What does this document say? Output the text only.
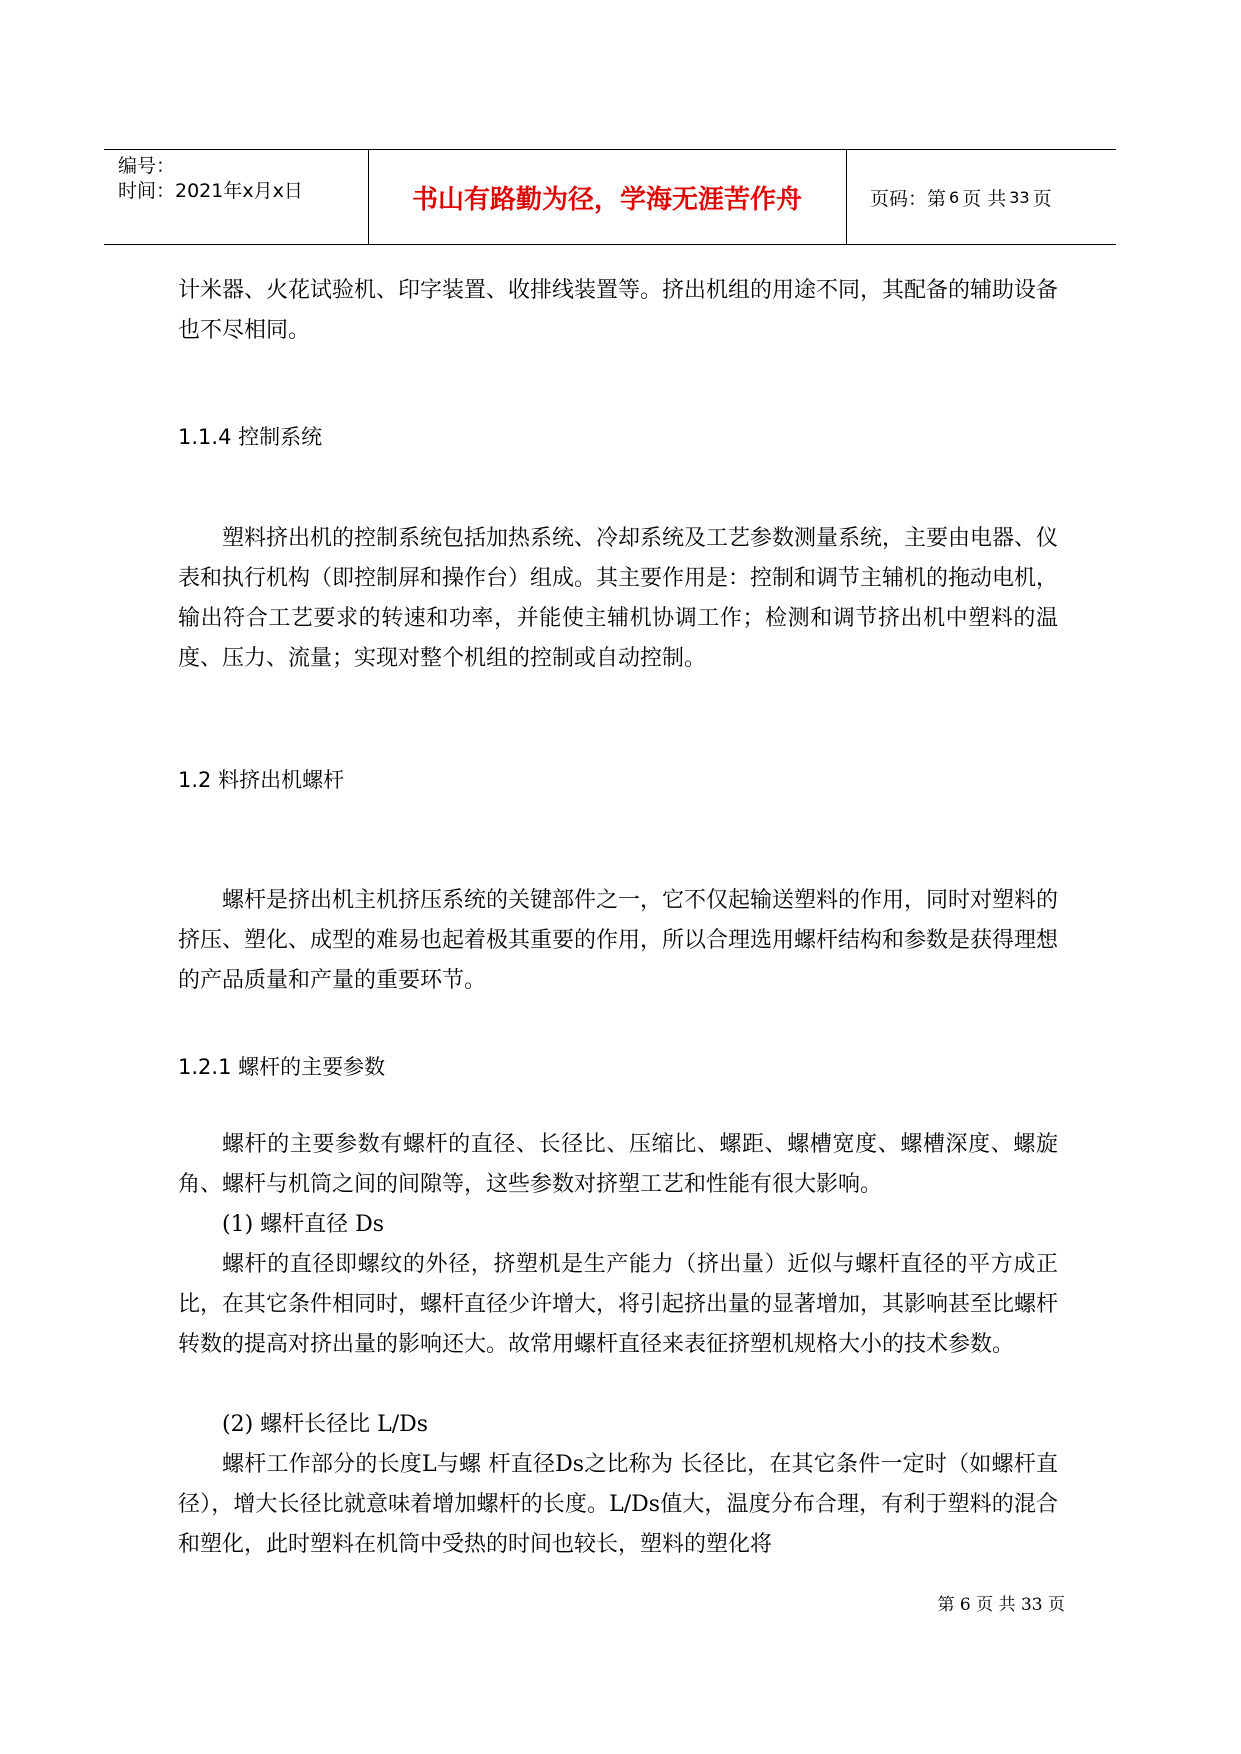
编号：
时间：2021年x月x日	书山有路勤为径，学海无涯苦作舟	页码：第 6 页 共 33 页

计米器、火花试验机、印字装置、收排线装置等。挤出机组的用途不同，其配备的辅助设备也不尽相同。

1.1.4 控制系统

塑料挤出机的控制系统包括加热系统、冷却系统及工艺参数测量系统，主要由电器、仪表和执行机构（即控制屏和操作台）组成。其主要作用是：控制和调节主辅机的拖动电机，输出符合工艺要求的转速和功率，并能使主辅机协调工作；检测和调节挤出机中塑料的温度、压力、流量；实现对整个机组的控制或自动控制。

1.2 料挤出机螺杆

螺杆是挤出机主机挤压系统的关键部件之一，它不仅起输送塑料的作用，同时对塑料的挤压、塑化、成型的难易也起着极其重要的作用，所以合理选用螺杆结构和参数是获得理想的产品质量和产量的重要环节。

1.2.1 螺杆的主要参数

螺杆的主要参数有螺杆的直径、长径比、压缩比、螺距、螺槽宽度、螺槽深度、螺旋角、螺杆与机筒之间的间隙等，这些参数对挤塑工艺和性能有很大影响。

(1) 螺杆直径 Ds

螺杆的直径即螺纹的外径，挤塑机是生产能力（挤出量）近似与螺杆直径的平方成正比，在其它条件相同时，螺杆直径少许增大，将引起挤出量的显著增加，其影响甚至比螺杆转数的提高对挤出量的影响还大。故常用螺杆直径来表征挤塑机规格大小的技术参数。

(2) 螺杆长径比 L/Ds

螺杆工作部分的长度L与螺 杆直径Ds之比称为 长径比，在其它条件一定时（如螺杆直径），增大长径比就意味着增加螺杆的长度。L/Ds值大，温度分布合理，有利于塑料的混合和塑化，此时塑料在机筒中受热的时间也较长，塑料的塑化将

第 6 页 共 33 页
